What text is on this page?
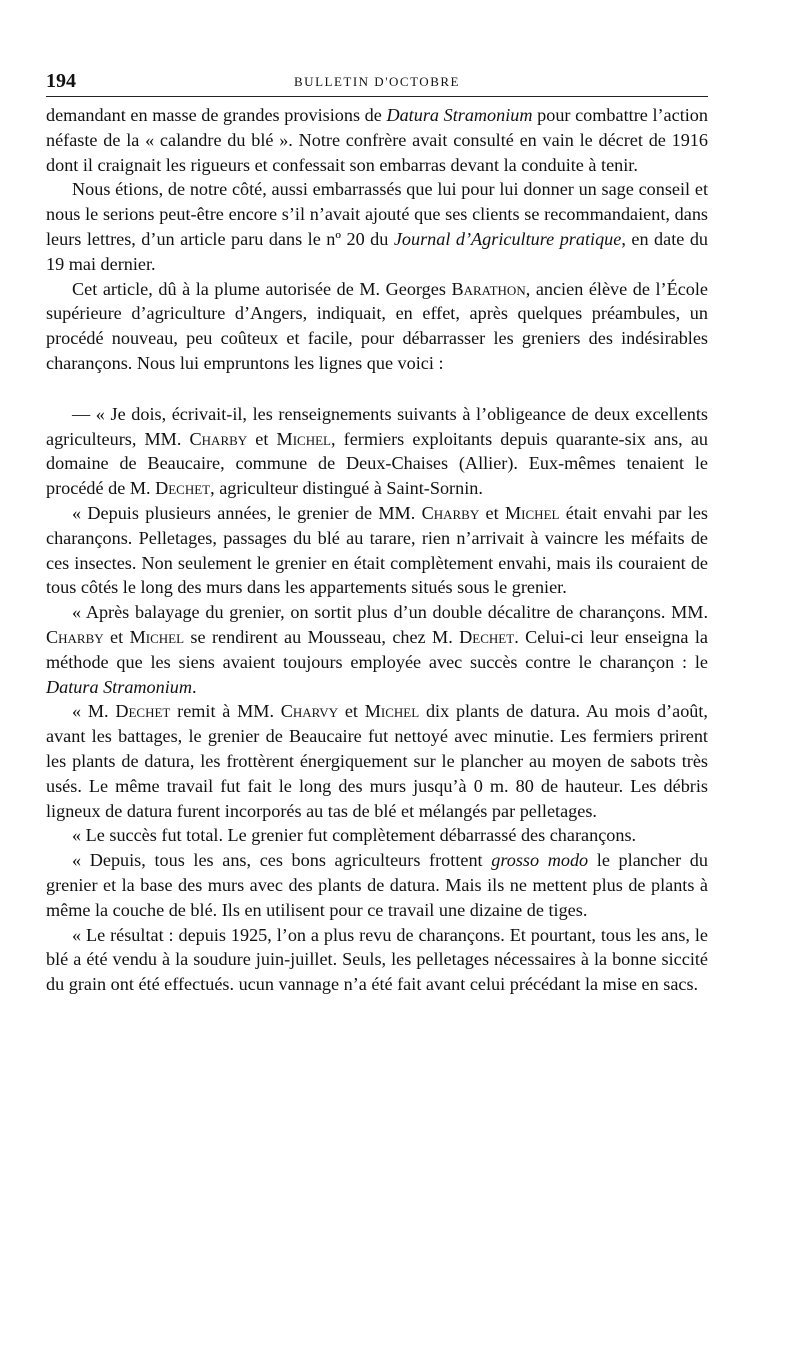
194	BULLETIN D'OCTOBRE

demandant en masse de grandes provisions de Datura Stramonium pour combattre l’action néfaste de la « calandre du blé ». Notre confrère avait consulté en vain le décret de 1916 dont il craignait les rigueurs et confessait son embarras devant la conduite à tenir.

Nous étions, de notre côté, aussi embarrassés que lui pour lui donner un sage conseil et nous le serions peut-être encore s’il n’avait ajouté que ses clients se recommandaient, dans leurs lettres, d’un article paru dans le nº 20 du Journal d’Agriculture pratique, en date du 19 mai dernier.

Cet article, dû à la plume autorisée de M. Georges Barathon, ancien élève de l’École supérieure d’agriculture d’Angers, indiquait, en effet, après quelques préambules, un procédé nouveau, peu coûteux et facile, pour débarrasser les greniers des indésirables charançons. Nous lui empruntons les lignes que voici :

— « Je dois, écrivait-il, les renseignements suivants à l’obligeance de deux excellents agriculteurs, MM. Charby et Michel, fermiers exploitants depuis quarante-six ans, au domaine de Beaucaire, commune de Deux-Chaises (Allier). Eux-mêmes tenaient le procédé de M. Dechet, agriculteur distingué à Saint-Sornin.

« Depuis plusieurs années, le grenier de MM. Charby et Michel était envahi par les charançons. Pelletages, passages du blé au tarare, rien n’arrivait à vaincre les méfaits de ces insectes. Non seulement le grenier en était complètement envahi, mais ils couraient de tous côtés le long des murs dans les appartements situés sous le grenier.

« Après balayage du grenier, on sortit plus d’un double décalitre de charançons. MM. Charby et Michel se rendirent au Mousseau, chez M. Dechet. Celui-ci leur enseigna la méthode que les siens avaient toujours employée avec succès contre le charançon : le Datura Stramonium.

« M. Dechet remit à MM. Charvy et Michel dix plants de datura. Au mois d’août, avant les battages, le grenier de Beaucaire fut nettoyé avec minutie. Les fermiers prirent les plants de datura, les frottèrent énergiquement sur le plancher au moyen de sabots très usés. Le même travail fut fait le long des murs jusqu’à 0 m. 80 de hauteur. Les débris ligneux de datura furent incorporés au tas de blé et mélangés par pelletages.

« Le succès fut total. Le grenier fut complètement débarrassé des charançons.

« Depuis, tous les ans, ces bons agriculteurs frottent grosso modo le plancher du grenier et la base des murs avec des plants de datura. Mais ils ne mettent plus de plants à même la couche de blé. Ils en utilisent pour ce travail une dizaine de tiges.

« Le résultat : depuis 1925, l’on a plus revu de charançons. Et pourtant, tous les ans, le blé a été vendu à la soudure juin-juillet. Seuls, les pelletages nécessaires à la bonne siccité du grain ont été effectués. ucun vannage n’a été fait avant celui précédant la mise en sacs.
